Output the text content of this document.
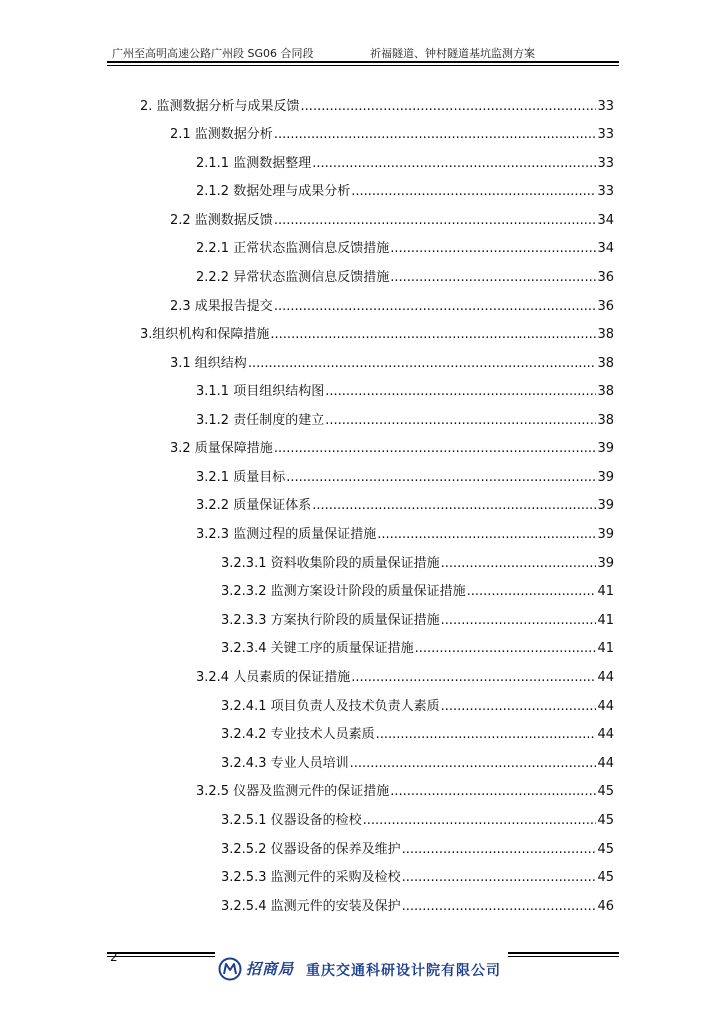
广州至高明高速公路广州段 SG06 合同段	祈福隧道、钟村隧道基坑监测方案
2. 监测数据分析与成果反馈 .....	33
2.1 监测数据分析 .....	33
2.1.1 监测数据整理 .....	33
2.1.2 数据处理与成果分析 .....	33
2.2 监测数据反馈 .....	34
2.2.1 正常状态监测信息反馈措施 .....	34
2.2.2 异常状态监测信息反馈措施 .....	36
2.3 成果报告提交 .....	36
3.组织机构和保障措施 .....	38
3.1 组织结构 .....	38
3.1.1 项目组织结构图 .....	38
3.1.2 责任制度的建立 .....	38
3.2 质量保障措施 .....	39
3.2.1 质量目标 .....	39
3.2.2 质量保证体系 .....	39
3.2.3 监测过程的质量保证措施 .....	39
3.2.3.1 资料收集阶段的质量保证措施 .....	39
3.2.3.2 监测方案设计阶段的质量保证措施 .....	41
3.2.3.3 方案执行阶段的质量保证措施 .....	41
3.2.3.4 关键工序的质量保证措施 .....	41
3.2.4 人员素质的保证措施 .....	44
3.2.4.1 项目负责人及技术负责人素质 .....	44
3.2.4.2 专业技术人员素质 .....	44
3.2.4.3 专业人员培训 .....	44
3.2.5 仪器及监测元件的保证措施 .....	45
3.2.5.1 仪器设备的检校 .....	45
3.2.5.2 仪器设备的保养及维护 .....	45
3.2.5.3 监测元件的采购及检校 .....	45
3.2.5.4 监测元件的安装及保护 .....	46
2
招商局 重庆交通科研设计院有限公司
